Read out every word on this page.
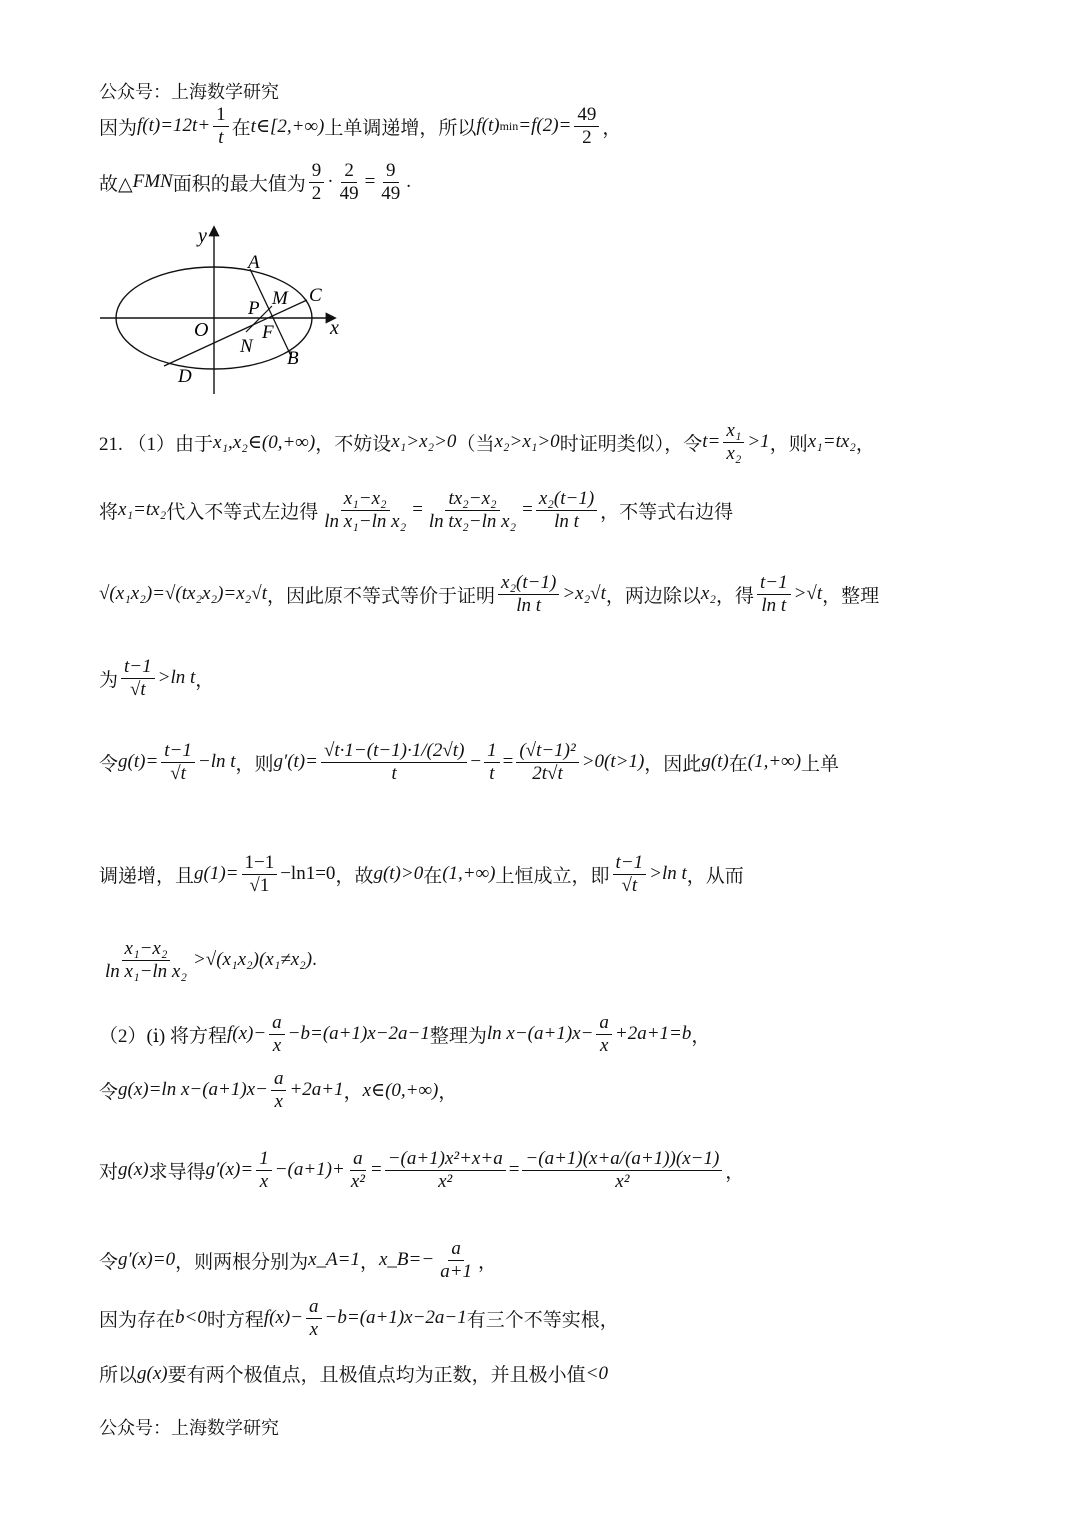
公众号：上海数学研究
因为 $f(t)=12t+ \frac{1}{t}$ 在 t∈[2,+∞) 上单调递增，所以 f(t) $\min =f(2)= \frac{49}{2}$ ，
故△ FMN 面积的最大值为 $\frac{9}{2} \cdot \frac{2}{49} = \frac{9}{49}$ .
y
x
O
A
B
C
D
M
N
P
F
21. （1）由于 x₁,x₂∈(0,+∞) ，不妨设 x₁>x₂>0 （当 x₂>x₁>0 时证明类似），令 $t= \frac{\text{x₁}}{\text{x₂}} >1$ ，则 x₁=tx₂ ，
将 x₁=tx₂ 代入不等式左边得 $\frac{\text{x₁−x₂}}{\text{ln x₁−ln x₂}} = \frac{\text{tx₂−x₂}}{\text{ln tx₂−ln x₂}} = \frac{\text{x₂(t−1)}}{\text{ln t}}$ ，不等式右边得
√(x₁x₂)=√(tx₂x₂)=x₂√t ，因此原不等式等价于证明 $\frac{\text{x₂(t−1)}}{\text{ln t}} >x_2√t$ ，两边除以 x₂ ，得 $\frac{t-1}{\text{ln t}} >√t$ ，整理
为 $\frac{t-1}{√t} >\ln$ t ，
令 $g(t)= \frac{t-1}{√t} -\ln$ t ，则 $g'(t)= \frac{√t\cdot 1-(t-1)\cdot 1/(2√t)}{t} - \frac{1}{t} = \frac{\text{(√t−1)²}}{2t√t} >0(t>1)$ ，因此 g(t) 在 (1,+∞) 上单
调递增，且 $g(1)= \frac{1-1}{√1} -\ln 1=0$ ，故 g(t)>0 在 (1,+∞) 上恒成立，即 $\frac{t-1}{√t} >\ln$ t ，从而
$\frac{\text{x₁−x₂}}{\text{ln x₁−ln x₂}} >√(x_1x_2)(x_1\ne x_2)$ .
（2）(ⅰ) 将方程 $f(x)- \frac{a}{x} -b=(a+1)x-2a-1$ 整理为 $\ln x-(a+1)x- \frac{a}{x} +2a+1=b$ ，
令 g(x)=ln $x-(a+1)x- \frac{a}{x} +2a+1$ ， x∈(0,+∞) ，
对 g(x) 求导得 $g'(x)= \frac{1}{x} -(a+1)+ \frac{a}{\text{x²}} = \frac{\text{−(a+1)x²+x+a}}{\text{x²}} = \frac{-(a+1)(x+a/(a+1))(x-1)}{\text{x²}}$ ，
令 g′(x)=0 ，则两根分别为 x_A=1 ， x_B=− $\frac{a}{a+1}$ ，
因为存在 b<0 时方程 $f(x)- \frac{a}{x} -b=(a+1)x-2a-1$ 有三个不等实根，
所以 g(x) 要有两个极值点，且极值点均为正数，并且极小值 <0
公众号：上海数学研究
